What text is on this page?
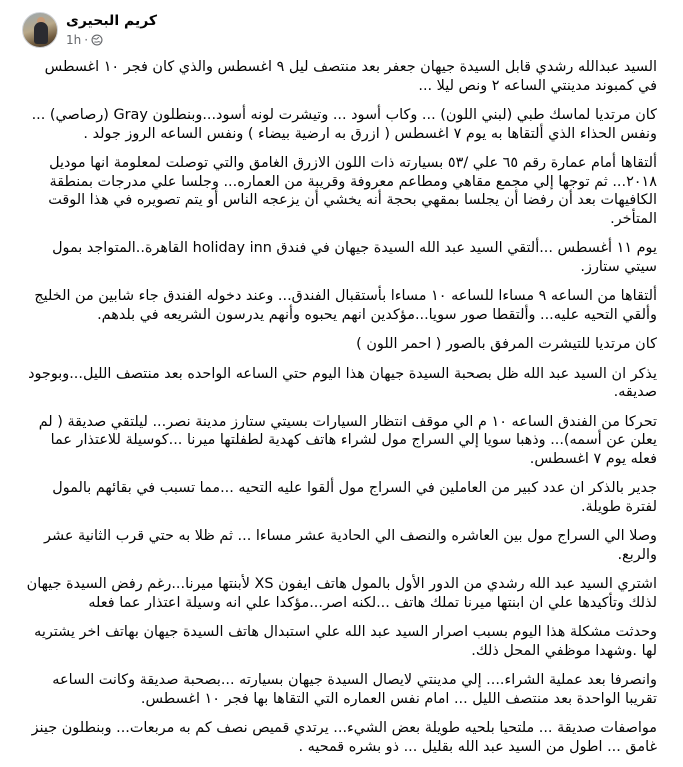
كريم البحيرى
1h ·

السيد عبدالله رشدي قابل السيدة جيهان جعفر بعد منتصف ليل ٩ اغسطس والذي كان فجر ١٠ اغسطس في كمبوند مدينتي الساعه ٢ ونص ليلا ...

كان مرتديا لماسك طبي (لبني اللون) ... وكاب أسود ... وتيشرت لونه أسود...وبنطلون Gray (رصاصي) ... ونفس الحذاء الذي ألتقاها به يوم ٧ اغسطس ( ازرق به ارضية بيضاء ) ونفس الساعه الروز جولد .

ألتقاها أمام عمارة رقم ٦٥ علي /٥٣ بسيارته ذات اللون الازرق الغامق والتي توصلت لمعلومة انها موديل ٢٠١٨... ثم توجها إلي مجمع مقاهي ومطاعم معروفة وقريبة من العماره... وجلسا علي مدرجات بمنطقة الكافيهات بعد أن رفضا أن يجلسا بمقهي بحجة أنه يخشي أن يزعجه الناس أو يتم تصويره في هذا الوقت المتأخر.

يوم ١١ أغسطس ...ألتقي السيد عبد الله السيدة جيهان في فندق holiday inn القاهرة..المتواجد بمول سيتي ستارز.

ألتقاها من الساعه ٩ مساءا للساعه ١٠ مساءا بأستقبال الفندق... وعند دخوله الفندق جاء شابين من الخليج وألقي التحيه عليه... وألتقطا صور سويا...مؤكدين انهم يحبوه وأنهم يدرسون الشريعه في بلدهم.

كان مرتديا للتيشرت المرفق بالصور ( احمر اللون )

يذكر ان السيد عبد الله ظل بصحبة السيدة جيهان هذا اليوم حتي الساعه الواحده بعد منتصف الليل...وبوجود صديقه.

تحركا من الفندق الساعه ١٠ م الي موقف انتظار السيارات بسيتي ستارز مدينة نصر... ليلتقي صديقة ( لم يعلن عن أسمه)... وذهبا سويا إلي السراج مول لشراء هاتف كهدية لطفلتها ميرنا ...كوسيلة للاعتذار عما فعله يوم ٧ اغسطس.

جدير بالذكر ان عدد كبير من العاملين في السراج مول ألقوا عليه التحيه ...مما تسبب في بقائهم بالمول لفترة طويلة.

وصلا الي السراج مول بين العاشره والنصف الي الحادية عشر مساءا ... ثم ظلا به حتي قرب الثانية عشر والربع.

اشتري السيد عبد الله رشدي من الدور الأول بالمول هاتف ايفون XS لأبنتها ميرنا...رغم رفض السيدة جيهان لذلك وتأكيدها علي ان ابنتها ميرنا تملك هاتف ...لكنه اصر...مؤكدا علي انه وسيلة اعتذار عما فعله

وحدثت مشكلة هذا اليوم بسبب اصرار السيد عبد الله علي استبدال هاتف السيدة جيهان بهاتف اخر يشتريه لها .وشهدا موظفي المحل ذلك.

وانصرفا بعد عملية الشراء.... إلي مدينتي لايصال السيدة جيهان بسيارته ...بصحبة صديقة وكانت الساعه تقريبا الواحدة بعد منتصف الليل ... امام نفس العماره التي التقاها بها فجر ١٠ اغسطس.

مواصفات صديقة ... ملتحيا بلحيه طويلة بعض الشيء... يرتدي قميص نصف كم به مربعات... وبنطلون جينز غامق ... اطول من السيد عبد الله بقليل ... ذو بشره قمحيه .
